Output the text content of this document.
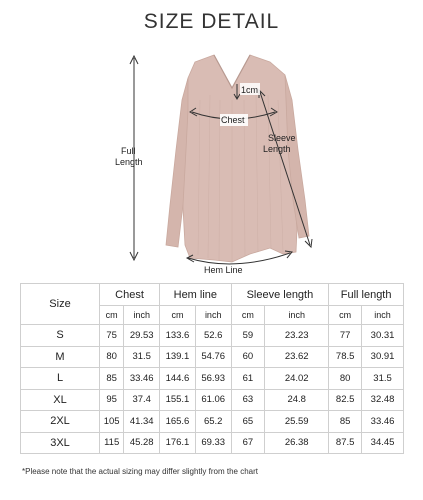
SIZE DETAIL
Full
Length
Chest
1cm
Sleeve
Length
Hem Line
Size	Chest		Hem line		Sleeve length		Full length	
	cm	inch	cm	inch	cm	inch	cm	inch
S	75	29.53	133.6	52.6	59	23.23	77	30.31
M	80	31.5	139.1	54.76	60	23.62	78.5	30.91
L	85	33.46	144.6	56.93	61	24.02	80	31.5
XL	95	37.4	155.1	61.06	63	24.8	82.5	32.48
2XL	105	41.34	165.6	65.2	65	25.59	85	33.46
3XL	115	45.28	176.1	69.33	67	26.38	87.5	34.45
*Please note that the actual sizing may differ slightly from the chart
